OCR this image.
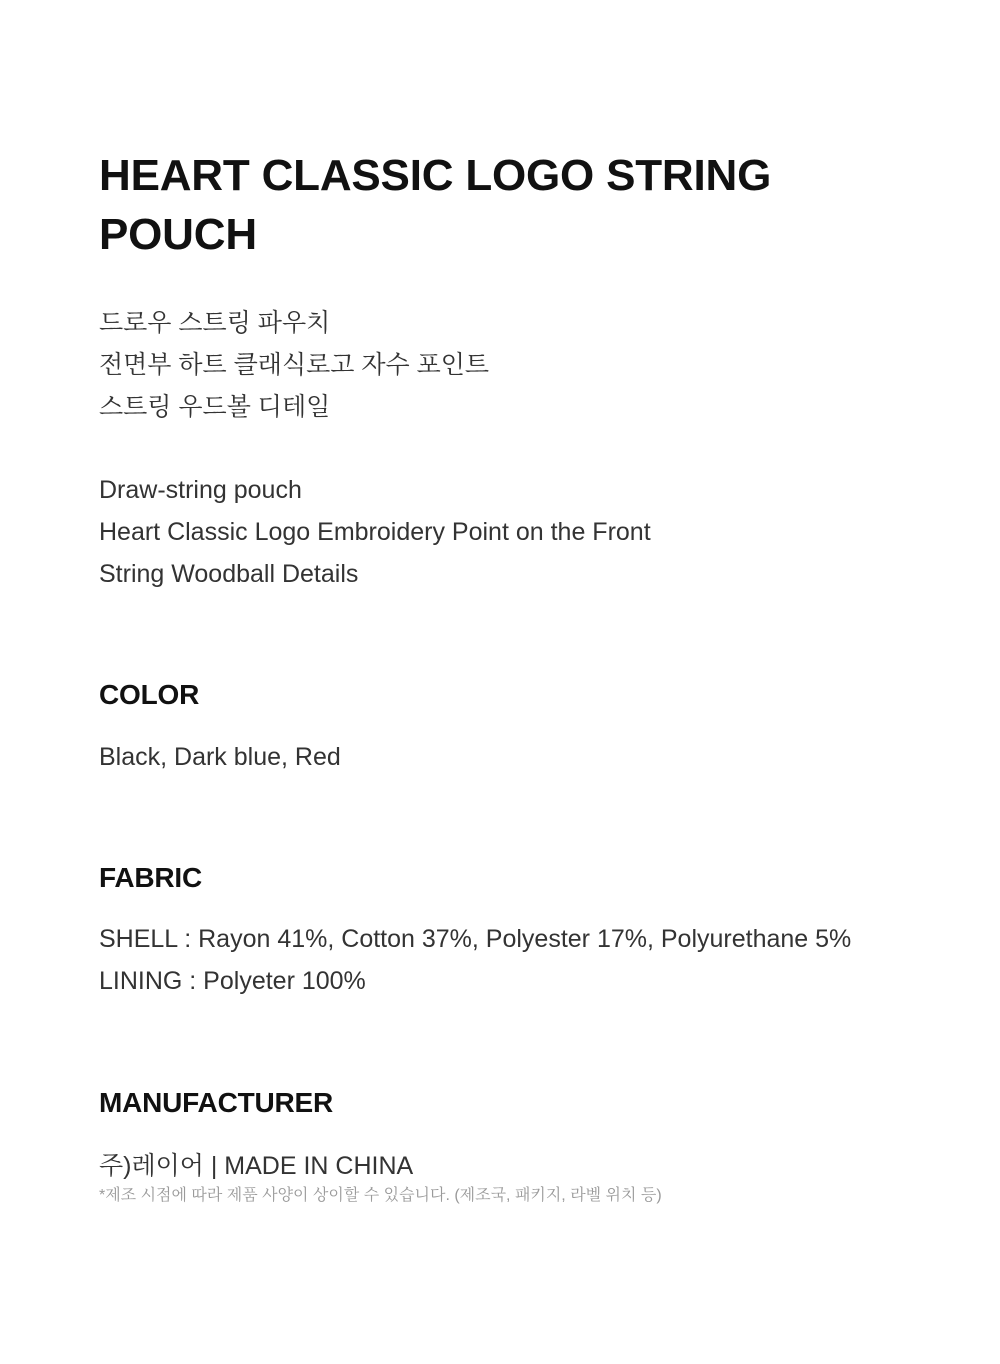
HEART CLASSIC LOGO STRING
POUCH
드로우 스트링 파우치
전면부 하트 클래식로고 자수 포인트
스트링 우드볼 디테일
Draw-string pouch
Heart Classic Logo Embroidery Point on the Front
String Woodball Details
COLOR
Black, Dark blue, Red
FABRIC
SHELL : Rayon 41%, Cotton 37%, Polyester 17%, Polyurethane 5%
LINING : Polyeter 100%
MANUFACTURER
주)레이어 | MADE IN CHINA
*제조 시점에 따라 제품 사양이 상이할 수 있습니다. (제조국, 패키지, 라벨 위치 등)
